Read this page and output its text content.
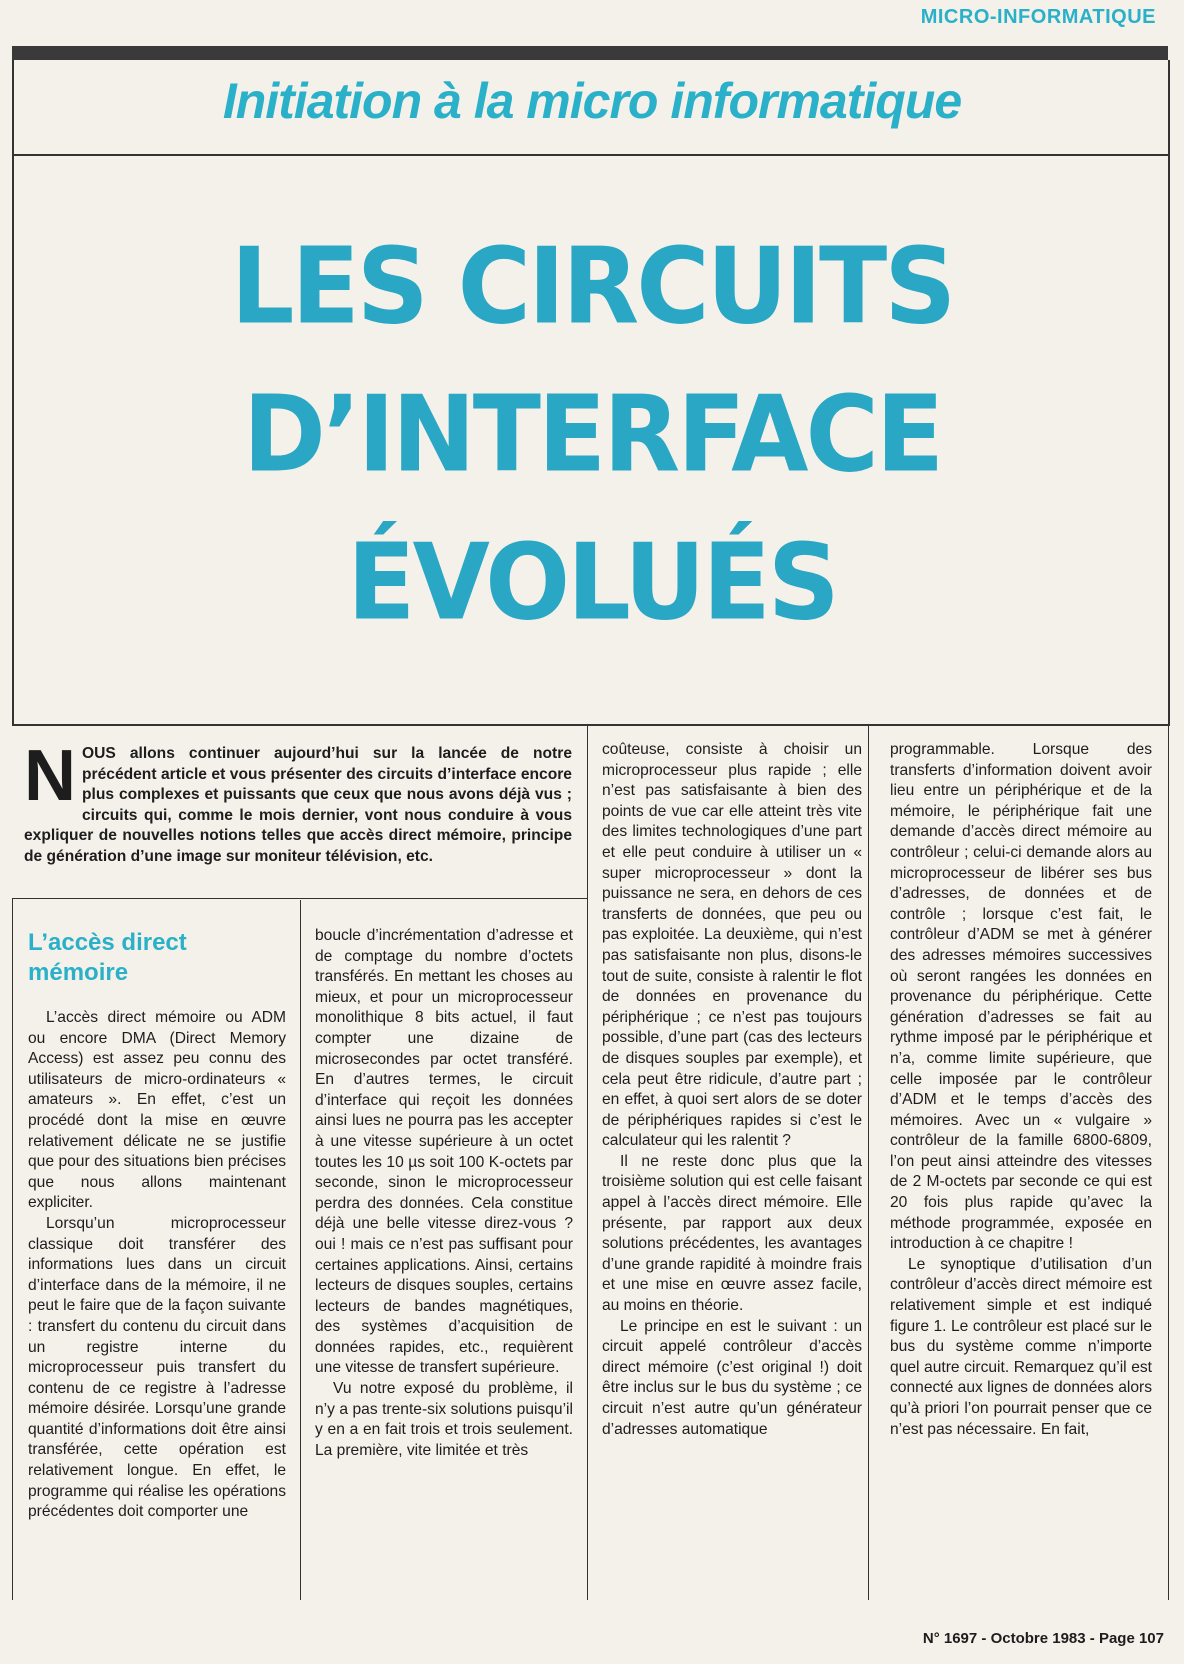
MICRO-INFORMATIQUE
Initiation à la micro informatique
LES CIRCUITS
D’INTERFACE
ÉVOLUÉS
NOUS allons continuer aujourd’hui sur la lancée de notre précédent article et vous présenter des circuits d’interface encore plus complexes et puissants que ceux que nous avons déjà vus ; circuits qui, comme le mois dernier, vont nous conduire à vous expliquer de nouvelles notions telles que accès direct mémoire, principe de génération d’une image sur moniteur télévision, etc.
L’accès direct mémoire

L’accès direct mémoire ou ADM ou encore DMA (Direct Memory Access) est assez peu connu des utilisateurs de micro-ordinateurs « amateurs ». En effet, c’est un procédé dont la mise en œuvre relativement délicate ne se justifie que pour des situations bien précises que nous allons maintenant expliciter.

Lorsqu’un microprocesseur classique doit transférer des informations lues dans un circuit d’interface dans de la mémoire, il ne peut le faire que de la façon suivante : transfert du contenu du circuit dans un registre interne du microprocesseur puis transfert du contenu de ce registre à l’adresse mémoire désirée. Lorsqu’une grande quantité d’informations doit être ainsi transférée, cette opération est relativement longue. En effet, le programme qui réalise les opérations précédentes doit comporter une

boucle d’incrémentation d’adresse et de comptage du nombre d’octets transférés. En mettant les choses au mieux, et pour un microprocesseur monolithique 8 bits actuel, il faut compter une dizaine de microsecondes par octet transféré. En d’autres termes, le circuit d’interface qui reçoit les données ainsi lues ne pourra pas les accepter à une vitesse supérieure à un octet toutes les 10 µs soit 100 K-octets par seconde, sinon le microprocesseur perdra des données. Cela constitue déjà une belle vitesse direz-vous ? oui ! mais ce n’est pas suffisant pour certaines applications. Ainsi, certains lecteurs de disques souples, certains lecteurs de bandes magnétiques, des systèmes d’acquisition de données rapides, etc., requièrent une vitesse de transfert supérieure.

Vu notre exposé du problème, il n’y a pas trente-six solutions puisqu’il y en a en fait trois et trois seulement. La première, vite limitée et très

coûteuse, consiste à choisir un microprocesseur plus rapide ; elle n’est pas satisfaisante à bien des points de vue car elle atteint très vite des limites technologiques d’une part et elle peut conduire à utiliser un « super microprocesseur » dont la puissance ne sera, en dehors de ces transferts de données, que peu ou pas exploitée. La deuxième, qui n’est pas satisfaisante non plus, disons-le tout de suite, consiste à ralentir le flot de données en provenance du périphérique ; ce n’est pas toujours possible, d’une part (cas des lecteurs de disques souples par exemple), et cela peut être ridicule, d’autre part ; en effet, à quoi sert alors de se doter de périphériques rapides si c’est le calculateur qui les ralentit ?

Il ne reste donc plus que la troisième solution qui est celle faisant appel à l’accès direct mémoire. Elle présente, par rapport aux deux solutions précédentes, les avantages d’une grande rapidité à moindre frais et une mise en œuvre assez facile, au moins en théorie.

Le principe en est le suivant : un circuit appelé contrôleur d’accès direct mémoire (c’est original !) doit être inclus sur le bus du système ; ce circuit n’est autre qu’un générateur d’adresses automatique

programmable. Lorsque des transferts d’information doivent avoir lieu entre un périphérique et de la mémoire, le périphérique fait une demande d’accès direct mémoire au contrôleur ; celui-ci demande alors au microprocesseur de libérer ses bus d’adresses, de données et de contrôle ; lorsque c’est fait, le contrôleur d’ADM se met à générer des adresses mémoires successives où seront rangées les données en provenance du périphérique. Cette génération d’adresses se fait au rythme imposé par le périphérique et n’a, comme limite supérieure, que celle imposée par le contrôleur d’ADM et le temps d’accès des mémoires. Avec un « vulgaire » contrôleur de la famille 6800-6809, l’on peut ainsi atteindre des vitesses de 2 M-octets par seconde ce qui est 20 fois plus rapide qu’avec la méthode programmée, exposée en introduction à ce chapitre !

Le synoptique d’utilisation d’un contrôleur d’accès direct mémoire est relativement simple et est indiqué figure 1. Le contrôleur est placé sur le bus du système comme n’importe quel autre circuit. Remarquez qu’il est connecté aux lignes de données alors qu’à priori l’on pourrait penser que ce n’est pas nécessaire. En fait,

N° 1697 - Octobre 1983 - Page 107
